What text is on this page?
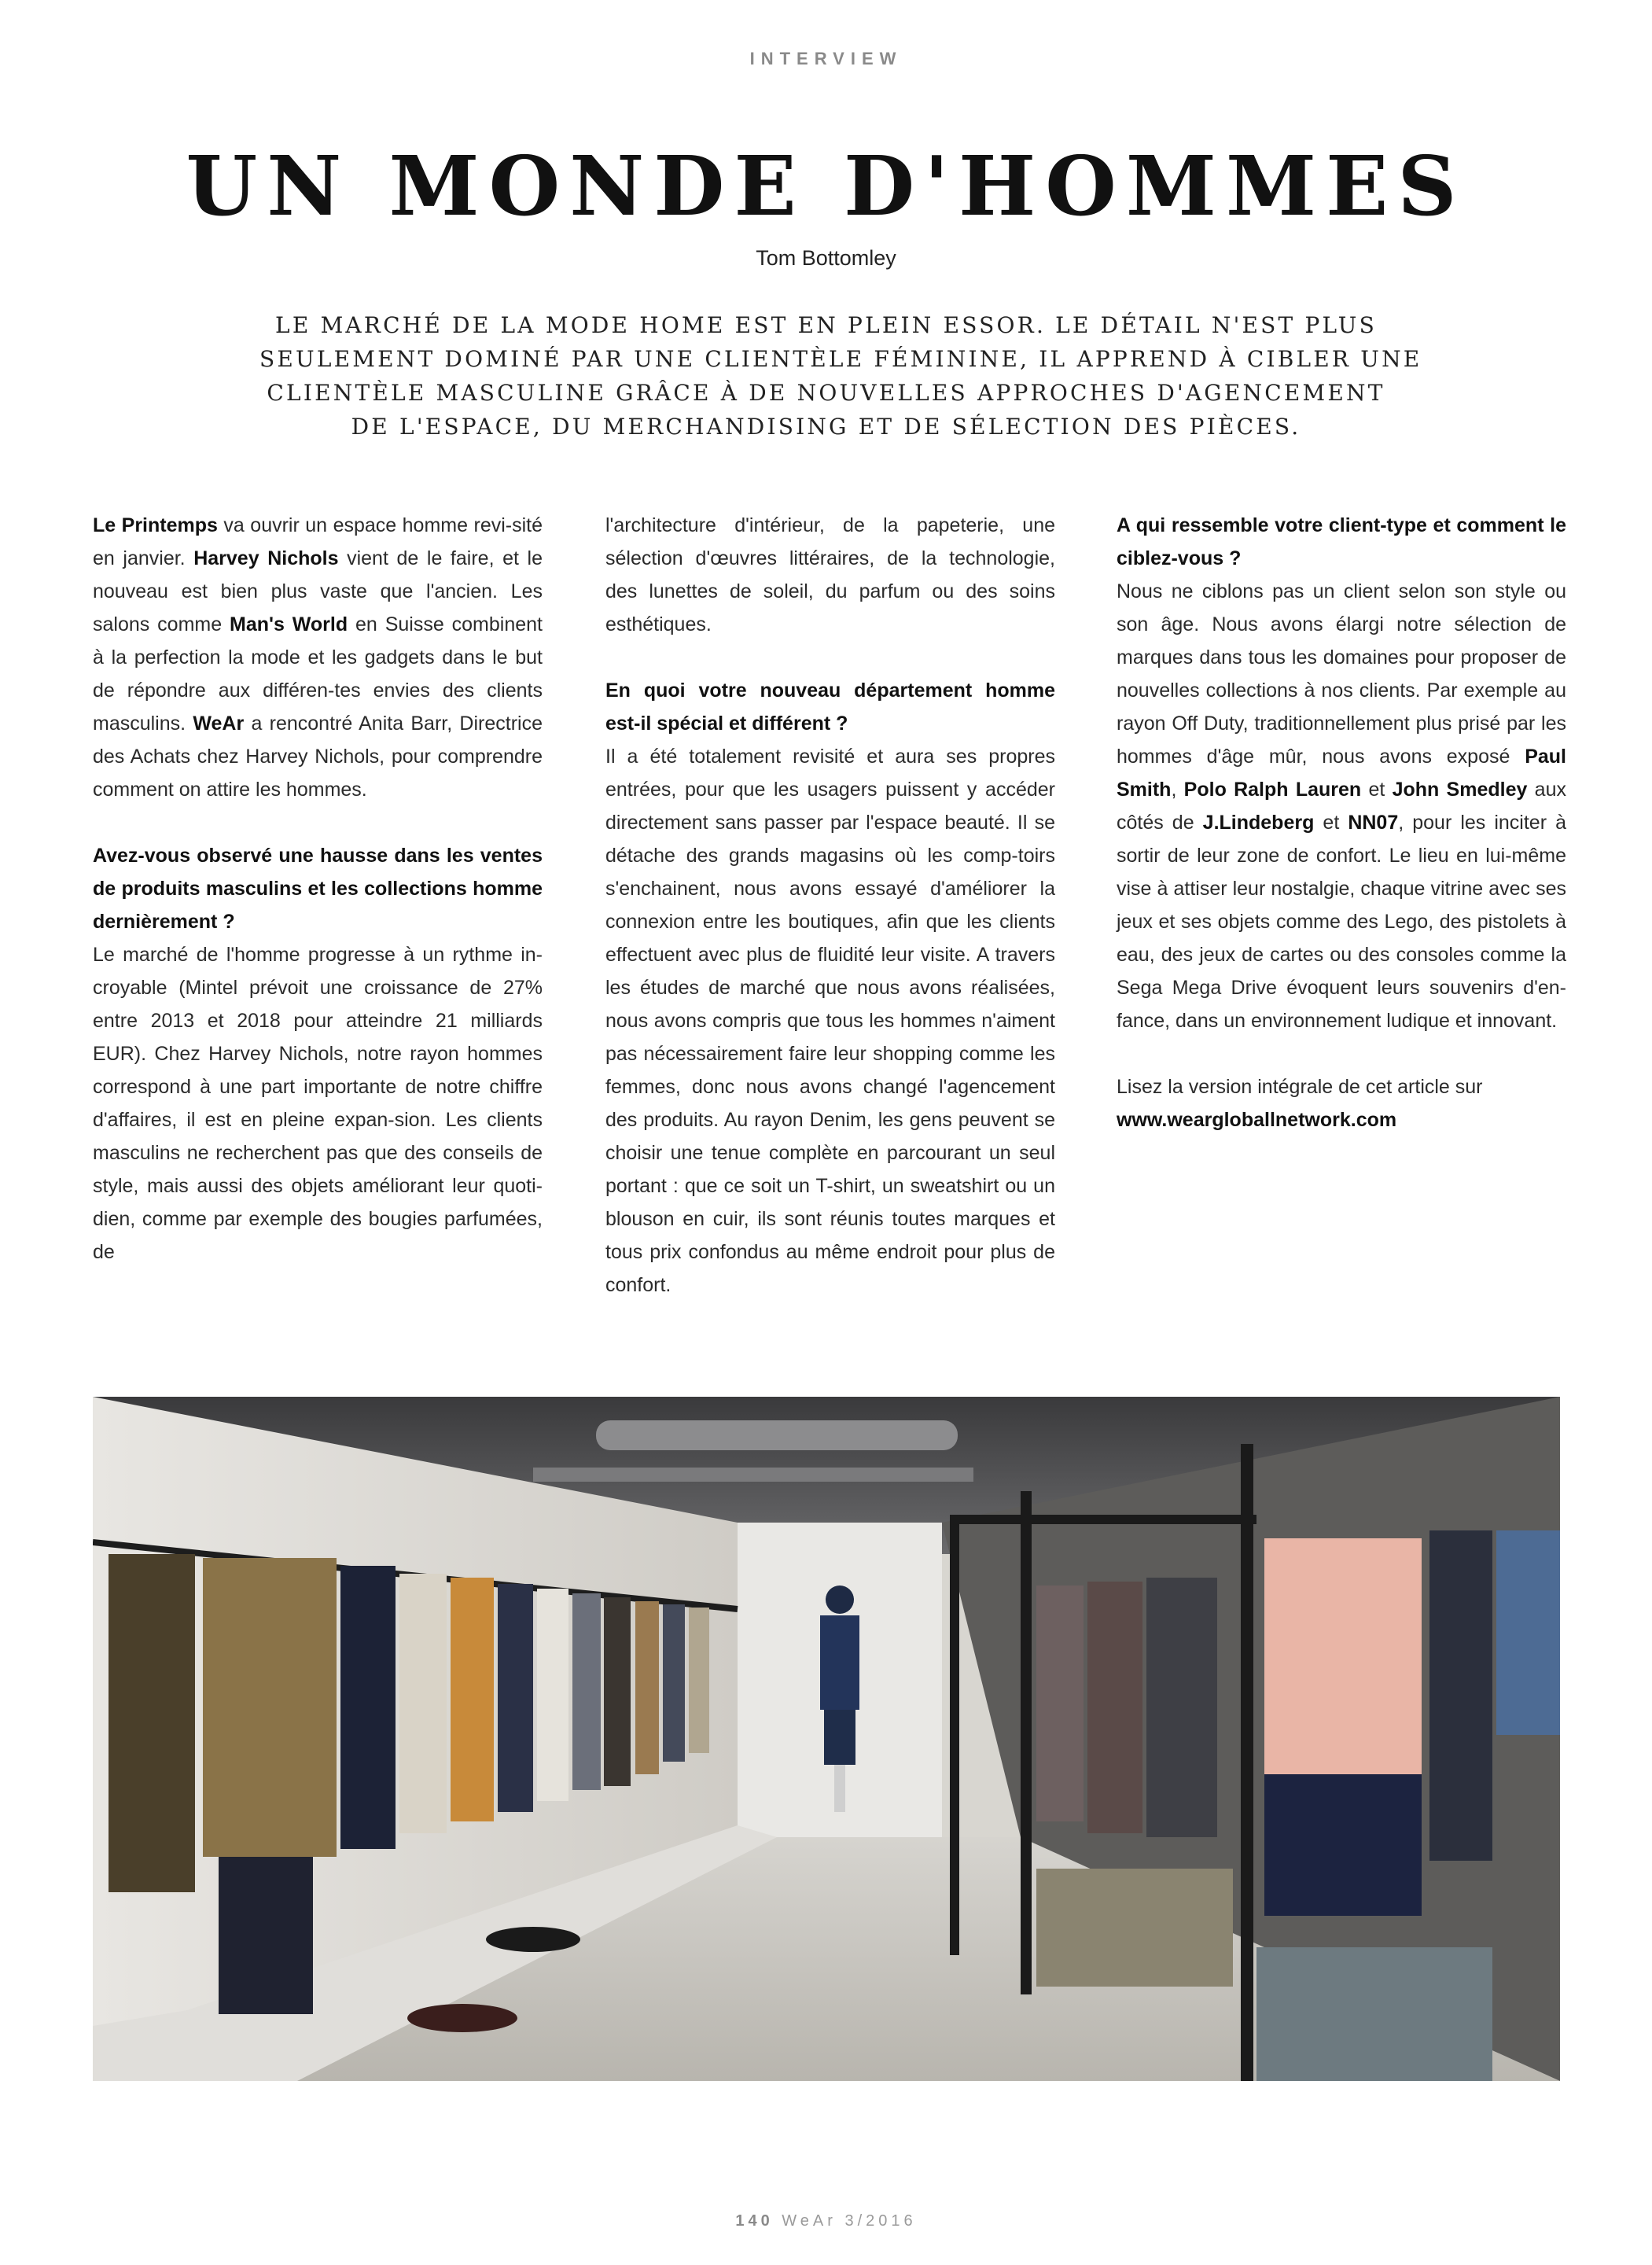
INTERVIEW
UN MONDE D'HOMMES
Tom Bottomley
LE MARCHÉ DE LA MODE HOME EST EN PLEIN ESSOR. LE DÉTAIL N'EST PLUS
SEULEMENT DOMINÉ PAR UNE CLIENTÈLE FÉMININE, IL APPREND À CIBLER UNE
CLIENTÈLE MASCULINE GRÂCE À DE NOUVELLES APPROCHES D'AGENCEMENT
DE L'ESPACE, DU MERCHANDISING ET DE SÉLECTION DES PIÈCES.

Le Printemps va ouvrir un espace homme revi-sité en janvier. Harvey Nichols vient de le faire, et le nouveau est bien plus vaste que l'ancien. Les salons comme Man's World en Suisse combinent à la perfection la mode et les gadgets dans le but de répondre aux différen-tes envies des clients masculins. WeAr a rencontré Anita Barr, Directrice des Achats chez Harvey Nichols, pour comprendre comment on attire les hommes.

Avez-vous observé une hausse dans les ventes de produits masculins et les collections homme dernièrement ?

Le marché de l'homme progresse à un rythme in-croyable (Mintel prévoit une croissance de 27% entre 2013 et 2018 pour atteindre 21 milliards EUR). Chez Harvey Nichols, notre rayon hommes correspond à une part importante de notre chiffre d'affaires, il est en pleine expan-sion. Les clients masculins ne recherchent pas que des conseils de style, mais aussi des objets améliorant leur quoti-dien, comme par exemple des bougies parfumées, de

l'architecture d'intérieur, de la papeterie, une sélection d'œuvres littéraires, de la technologie, des lunettes de soleil, du parfum ou des soins esthétiques.

En quoi votre nouveau département homme est-il spécial et différent ?

Il a été totalement revisité et aura ses propres entrées, pour que les usagers puissent y accéder directement sans passer par l'espace beauté. Il se détache des grands magasins où les comp-toirs s'enchainent, nous avons essayé d'améliorer la connexion entre les boutiques, afin que les clients effectuent avec plus de fluidité leur visite. A travers les études de marché que nous avons réalisées, nous avons compris que tous les hommes n'aiment pas nécessairement faire leur shopping comme les femmes, donc nous avons changé l'agencement des produits. Au rayon Denim, les gens peuvent se choisir une tenue complète en parcourant un seul portant : que ce soit un T-shirt, un sweatshirt ou un blouson en cuir, ils sont réunis toutes marques et tous prix confondus au même endroit pour plus de confort.

A qui ressemble votre client-type et comment le ciblez-vous ?

Nous ne ciblons pas un client selon son style ou son âge. Nous avons élargi notre sélection de marques dans tous les domaines pour proposer de nouvelles collections à nos clients. Par exemple au rayon Off Duty, traditionnellement plus prisé par les hommes d'âge mûr, nous avons exposé Paul Smith, Polo Ralph Lauren et John Smedley aux côtés de J.Lindeberg et NN07, pour les inciter à sortir de leur zone de confort. Le lieu en lui-même vise à attiser leur nostalgie, chaque vitrine avec ses jeux et ses objets comme des Lego, des pistolets à eau, des jeux de cartes ou des consoles comme la Sega Mega Drive évoquent leurs souvenirs d'en-fance, dans un environnement ludique et innovant.

Lisez la version intégrale de cet article sur

www.weargloballnetwork.com

140 WeAr 3/2016
